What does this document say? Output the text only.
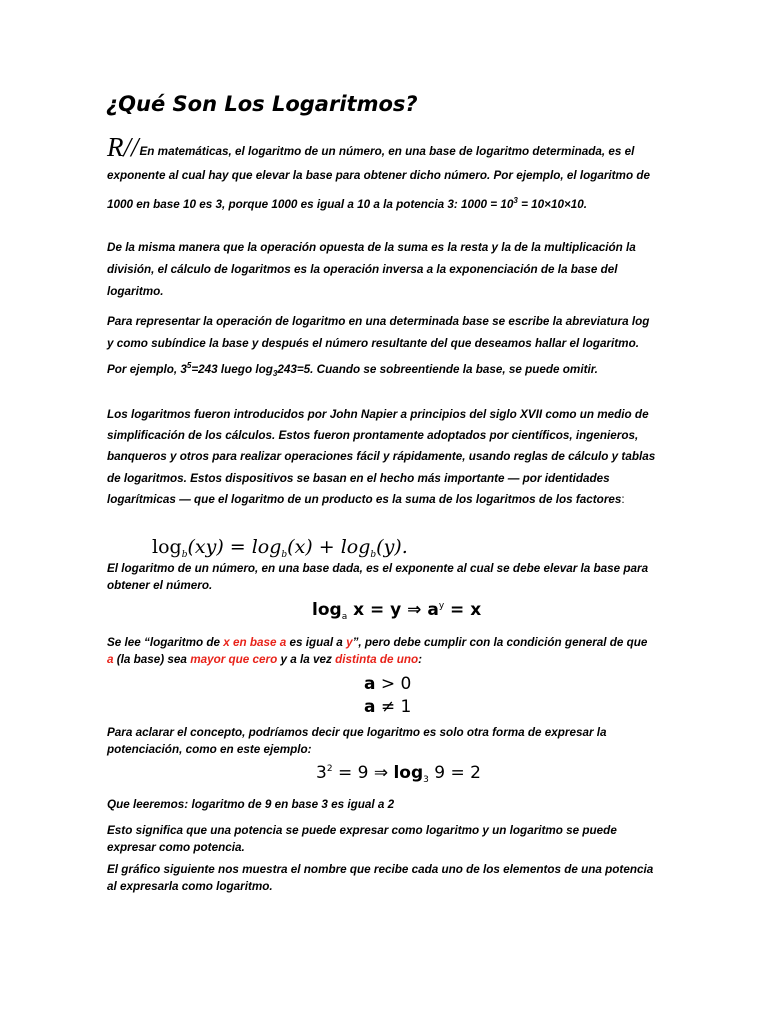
¿Qué Son Los Logaritmos?

R//En matemáticas, el logaritmo de un número, en una base de logaritmo determinada, es el exponente al cual hay que elevar la base para obtener dicho número. Por ejemplo, el logaritmo de 1000 en base 10 es 3, porque 1000 es igual a 10 a la potencia 3: $1000 = 10^3 = 10\times 10\times 10$.

De la misma manera que la operación opuesta de la suma es la resta y la de la multiplicación la división, el cálculo de logaritmos es la operación inversa a la exponenciación de la base del logaritmo.

Para representar la operación de logaritmo en una determinada base se escribe la abreviatura log y como subíndice la base y después el número resultante del que deseamos hallar el logaritmo. Por ejemplo, $3^5=243$ luego $\log_3243=5$. Cuando se sobreentiende la base, se puede omitir.

Los logaritmos fueron introducidos por John Napier a principios del siglo XVII como un medio de simplificación de los cálculos. Estos fueron prontamente adoptados por científicos, ingenieros, banqueros y otros para realizar operaciones fácil y rápidamente, usando reglas de cálculo y tablas de logaritmos. Estos dispositivos se basan en el hecho más importante — por identidades logarítmicas — que el logaritmo de un producto es la suma de los logaritmos de los factores:

$\log_b(xy) = \log_b(x) + \log_b(y)$.

El logaritmo de un número, en una base dada, es el exponente al cual se debe elevar la base para obtener el número.

$\log_a x = y$ ⇒ $a^y = x$

Se lee “logaritmo de x en base a es igual a y”, pero debe cumplir con la condición general de que a (la base) sea mayor que cero y a la vez distinta de uno:

a > 0
a ≠ 1

Para aclarar el concepto, podríamos decir que logaritmo es solo otra forma de expresar la potenciación, como en este ejemplo:

$3^2 = 9$ ⇒ $\log_3 9 = 2$

Que leeremos: logaritmo de 9 en base 3 es igual a 2

Esto significa que una potencia se puede expresar como logaritmo y un logaritmo se puede expresar como potencia.

El gráfico siguiente nos muestra el nombre que recibe cada uno de los elementos de una potencia al expresarla como logaritmo.
